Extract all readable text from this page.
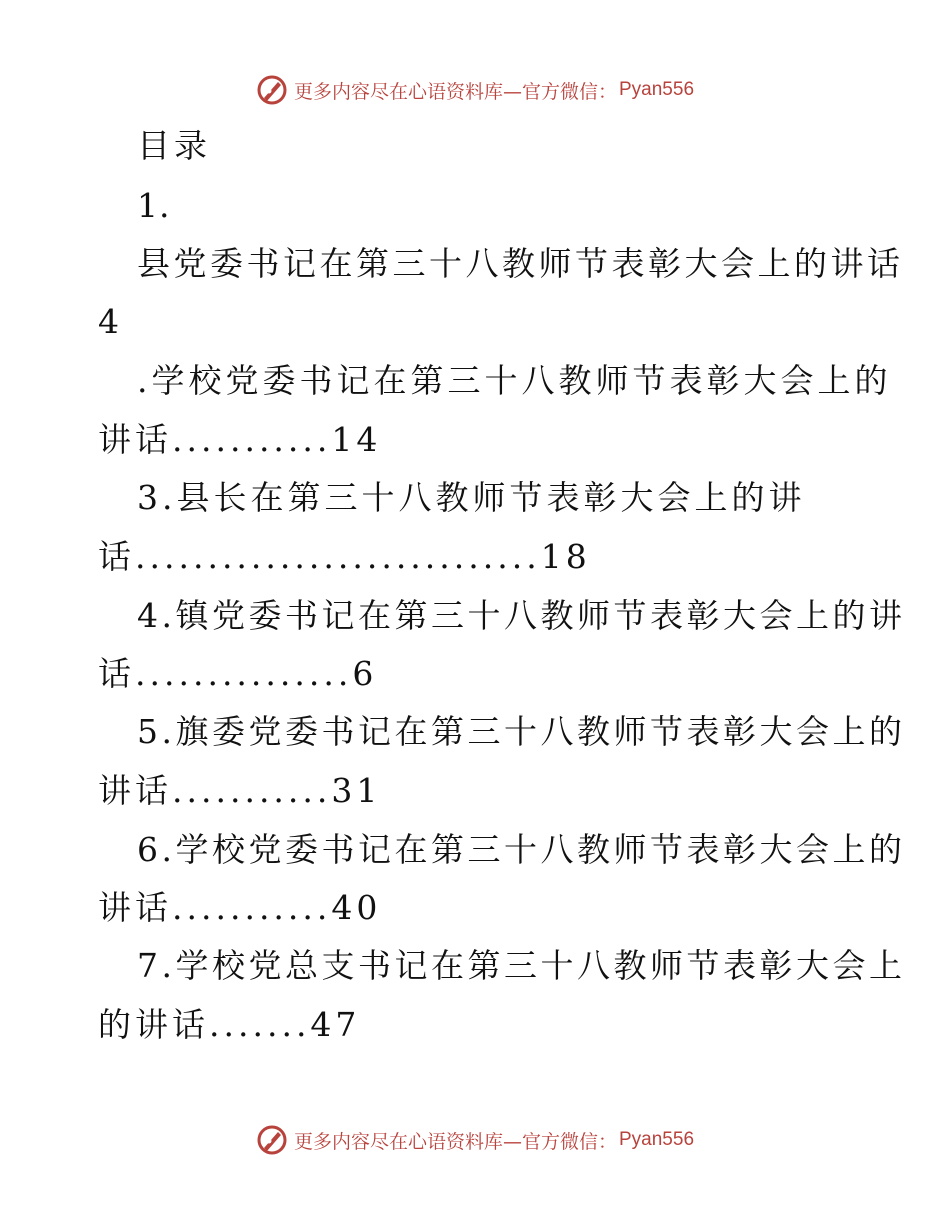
更多内容尽在心语资料库—官方微信： Pyan556
目录
1.
县党委书记在第三十八教师节表彰大会上的讲话
4
.学校党委书记在第三十八教师节表彰大会上的
讲话...........14
3.县长在第三十八教师节表彰大会上的讲
话............................18
4.镇党委书记在第三十八教师节表彰大会上的讲
话...............6
5.旗委党委书记在第三十八教师节表彰大会上的
讲话...........31
6.学校党委书记在第三十八教师节表彰大会上的
讲话...........40
7.学校党总支书记在第三十八教师节表彰大会上
的讲话.......47
更多内容尽在心语资料库—官方微信： Pyan556
